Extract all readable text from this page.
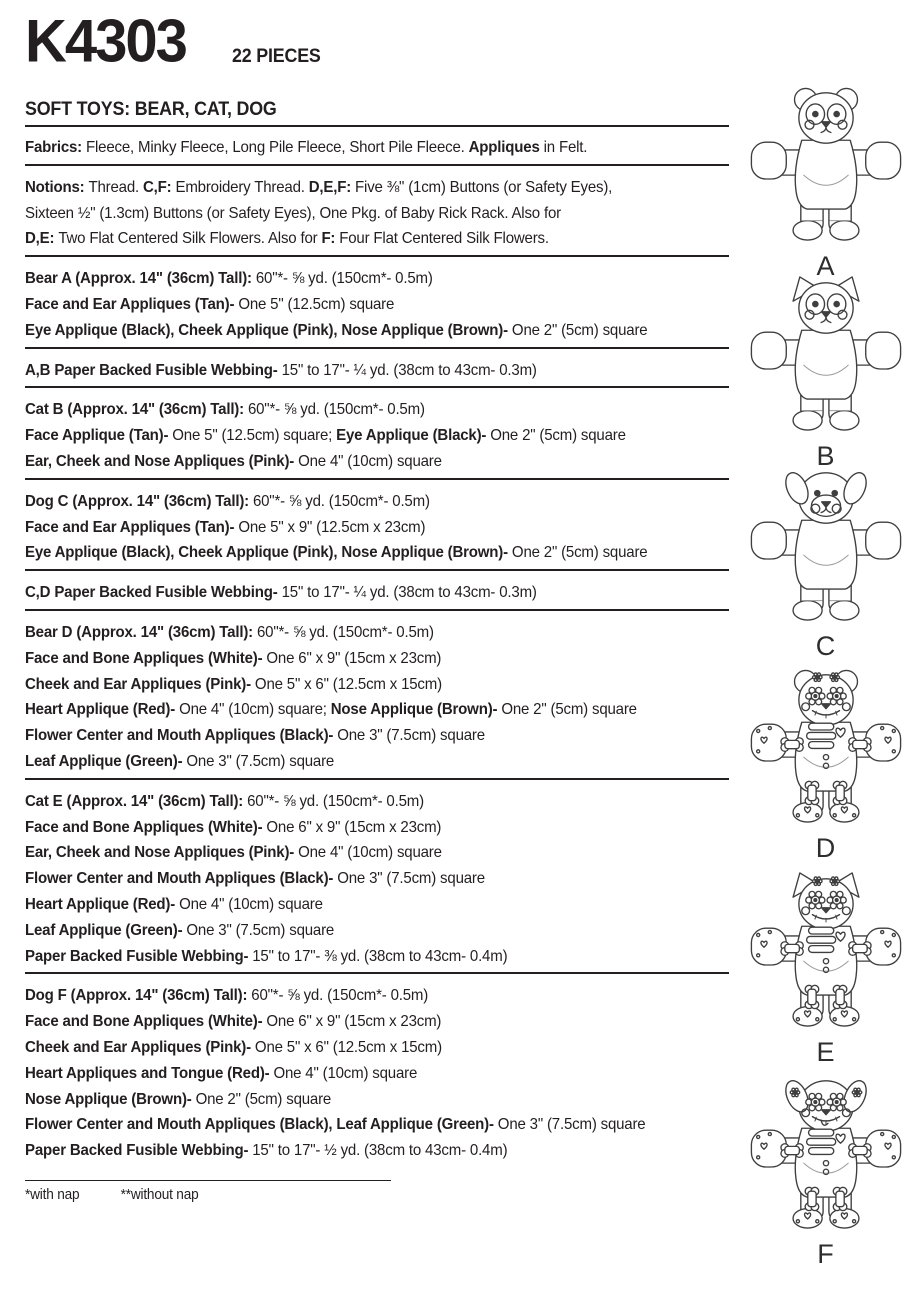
K4303 22 PIECES
SOFT TOYS: BEAR, CAT, DOG
Fabrics: Fleece, Minky Fleece, Long Pile Fleece, Short Pile Fleece. Appliques in Felt.
Notions: Thread. C,F: Embroidery Thread. D,E,F: Five ⅜" (1cm) Buttons (or Safety Eyes),
Sixteen ½" (1.3cm) Buttons (or Safety Eyes), One Pkg. of Baby Rick Rack. Also for
D,E: Two Flat Centered Silk Flowers. Also for F: Four Flat Centered Silk Flowers.
Bear A (Approx. 14" (36cm) Tall): 60"*- ⅝ yd. (150cm*- 0.5m)
Face and Ear Appliques (Tan)- One 5" (12.5cm) square
Eye Applique (Black), Cheek Applique (Pink), Nose Applique (Brown)- One 2" (5cm) square
A,B Paper Backed Fusible Webbing- 15" to 17"- ¼ yd. (38cm to 43cm- 0.3m)
Cat B (Approx. 14" (36cm) Tall): 60"*- ⅝ yd. (150cm*- 0.5m)
Face Applique (Tan)- One 5" (12.5cm) square; Eye Applique (Black)- One 2" (5cm) square
Ear, Cheek and Nose Appliques (Pink)- One 4" (10cm) square
Dog C (Approx. 14" (36cm) Tall): 60"*- ⅝ yd. (150cm*- 0.5m)
Face and Ear Appliques (Tan)- One 5" x 9" (12.5cm x 23cm)
Eye Applique (Black), Cheek Applique (Pink), Nose Applique (Brown)- One 2" (5cm) square
C,D Paper Backed Fusible Webbing- 15" to 17"- ¼ yd. (38cm to 43cm- 0.3m)
Bear D (Approx. 14" (36cm) Tall): 60"*- ⅝ yd. (150cm*- 0.5m)
Face and Bone Appliques (White)- One 6" x 9" (15cm x 23cm)
Cheek and Ear Appliques (Pink)- One 5" x 6" (12.5cm x 15cm)
Heart Applique (Red)- One 4" (10cm) square; Nose Applique (Brown)- One 2" (5cm) square
Flower Center and Mouth Appliques (Black)- One 3" (7.5cm) square
Leaf Applique (Green)- One 3" (7.5cm) square
Cat E (Approx. 14" (36cm) Tall): 60"*- ⅝ yd. (150cm*- 0.5m)
Face and Bone Appliques (White)- One 6" x 9" (15cm x 23cm)
Ear, Cheek and Nose Appliques (Pink)- One 4" (10cm) square
Flower Center and Mouth Appliques (Black)- One 3" (7.5cm) square
Heart Applique (Red)- One 4" (10cm) square
Leaf Applique (Green)- One 3" (7.5cm) square
Paper Backed Fusible Webbing- 15" to 17"- ⅜ yd. (38cm to 43cm- 0.4m)
Dog F (Approx. 14" (36cm) Tall): 60"*- ⅝ yd. (150cm*- 0.5m)
Face and Bone Appliques (White)- One 6" x 9" (15cm x 23cm)
Cheek and Ear Appliques (Pink)- One 5" x 6" (12.5cm x 15cm)
Heart Appliques and Tongue (Red)- One 4" (10cm) square
Nose Applique (Brown)- One 2" (5cm) square
Flower Center and Mouth Appliques (Black), Leaf Applique (Green)- One 3" (7.5cm) square
Paper Backed Fusible Webbing- 15" to 17"- ½ yd. (38cm to 43cm- 0.4m)
*with nap	**without nap
A
B
C
D
E
F
